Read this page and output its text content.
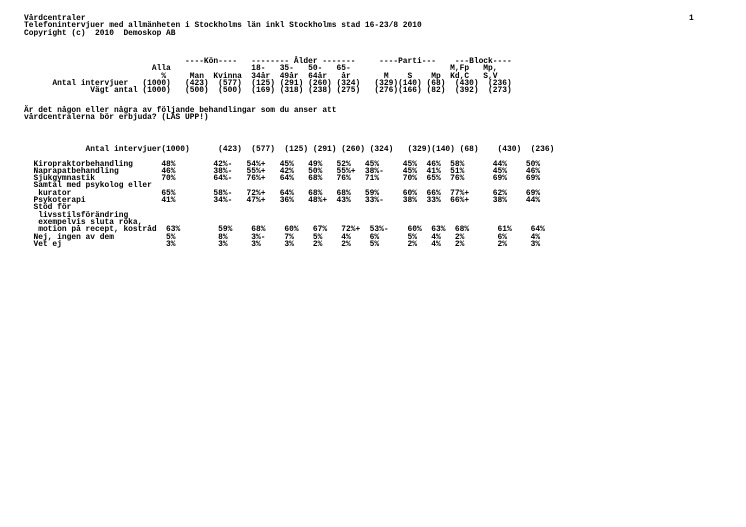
Vårdcentraler
Telefonintervjuer med allmänheten i Stockholms län inkl Stockholms stad 16-23/8 2010
Copyright (c)  2010  Demoskop AB
1
----Kön----   -------- Ålder -------     ----Parti---    ---Block----
Alla                 18-   35-   50-   65-                     M,Fp   Mp,
%     Man  Kvinna  34år  49år  64år   år       M    S    Mp  Kd,C   S,V
Antal intervjuer   (1000)   (423)  (577)  (125) (291) (260) (324)   (329)(140) (68)  (430)  (236)
Vägt antal (1000)   (500)  (500)  (169) (318) (238) (275)   (276)(166) (82)  (392)  (273)
Är det någon eller några av följande behandlingar som du anser att
vårdcentralerna bör erbjuda? (LÄS UPP!)
Antal intervjuer(1000)      (423)  (577)  (125) (291) (260) (324)   (329)(140) (68)    (430)  (236)

Kiropraktorbehandling      48%        42%-   54%+   45%   49%   52%   45%     45%  46%  58%      44%    50%
Naprapatbehandling         46%        38%-   55%+   42%   50%   55%+  38%-    45%  41%  51%      45%    46%
Sjukgymnastik              70%        64%-   76%+   64%   68%   76%   71%     70%  65%  76%      69%    69%
Samtal med psykolog eller
kurator                   65%        58%-   72%+   64%   68%   68%   59%     60%  66%  77%+     62%    69%
Psykoterapi                41%        34%-   47%+   36%   48%+  43%   33%-    38%  33%  66%+     38%    44%
Stöd för
livsstilsförändring
exempelvis sluta röka,
motion på recept, kostråd  63%        59%    68%    60%   67%   72%+  53%-    60%  63%  68%      61%    64%
Nej, ingen av dem           5%         8%     3%-    7%    5%    4%    6%      5%   4%   2%       6%     4%
Vet ej                      3%         3%     3%     3%    2%    2%    5%      2%   4%   2%       2%     3%
